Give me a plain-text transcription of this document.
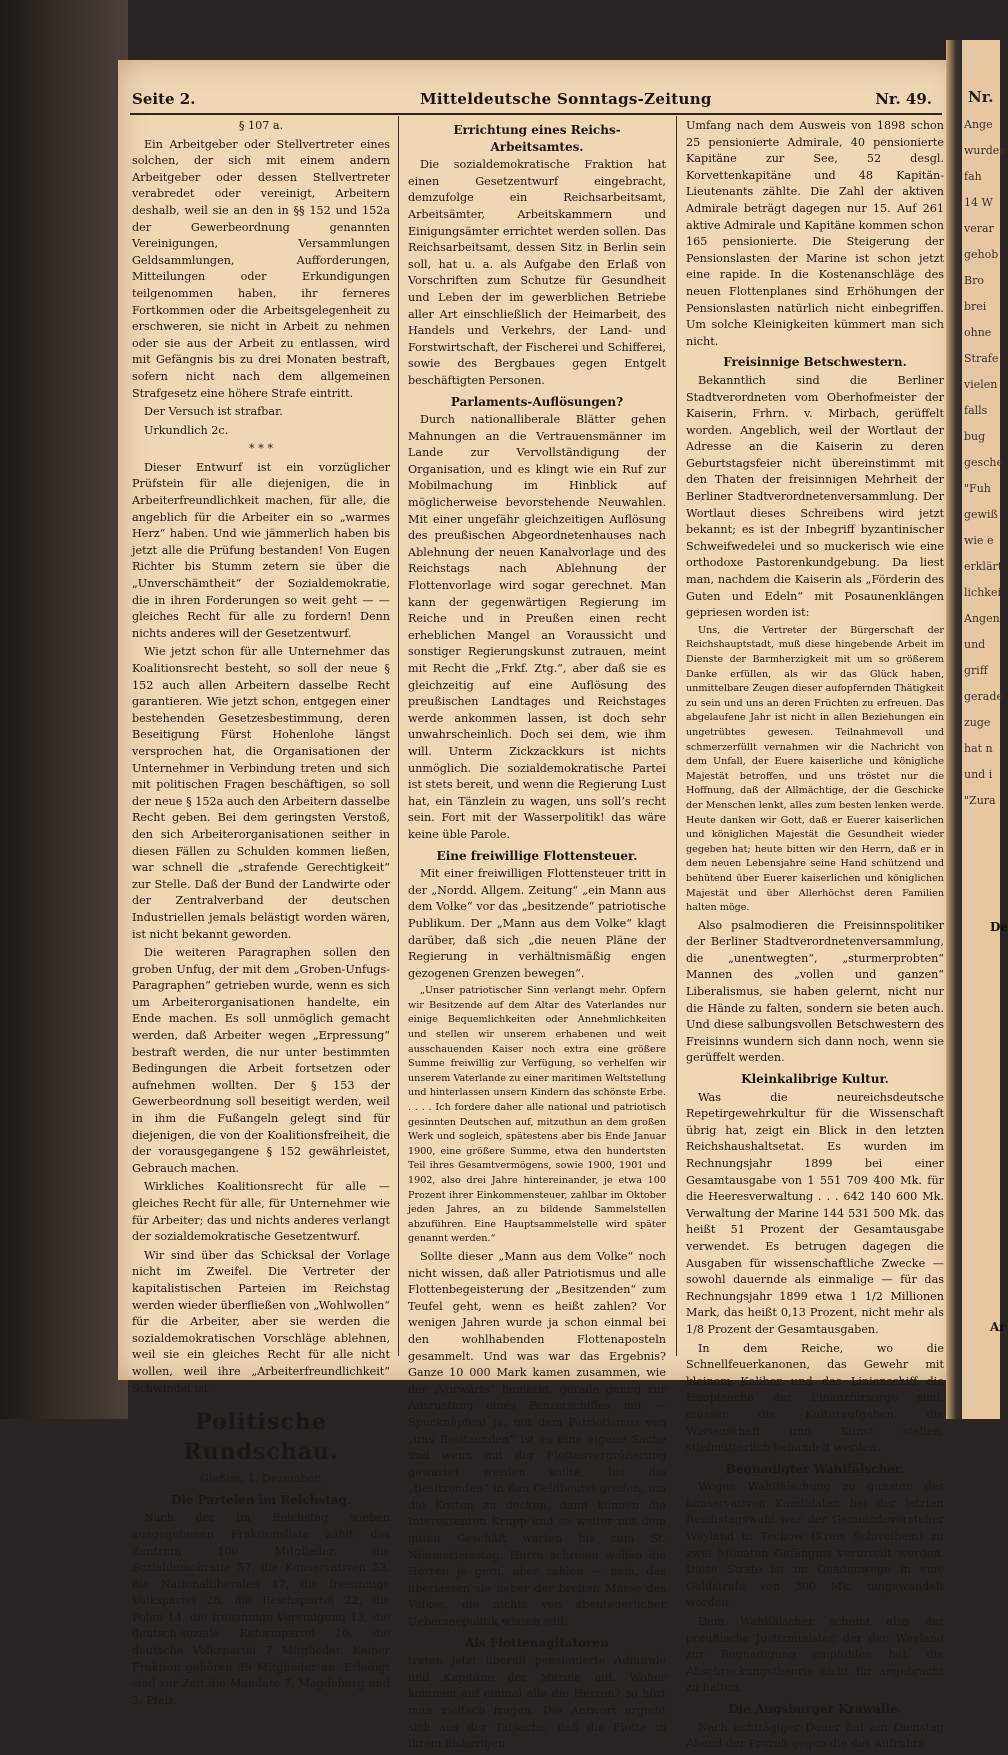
Seite 2.	Mitteldeutsche Sonntags-Zeitung	Nr. 49.

§ 107 a.

Ein Arbeitgeber oder Stellvertreter eines solchen, der sich mit einem andern Arbeitgeber oder dessen Stellvertreter verabredet oder vereinigt, Arbeitern deshalb, weil sie an den in §§ 152 und 152a der Gewerbeordnung genannten Vereinigungen, Versammlungen Geldsammlungen, Aufforderungen, Mitteilungen oder Erkundigungen teilgenommen haben, ihr ferneres Fortkommen oder die Arbeitsgelegenheit zu erschweren, sie nicht in Arbeit zu nehmen oder sie aus der Arbeit zu entlassen, wird mit Gefängnis bis zu drei Monaten bestraft, sofern nicht nach dem allgemeinen Strafgesetz eine höhere Strafe eintritt.

Der Versuch ist strafbar.

Urkundlich 2c.

* * *

Dieser Entwurf ist ein vorzüglicher Prüfstein für alle diejenigen, die in Arbeiterfreundlichkeit machen, für alle, die angeblich für die Arbeiter ein so „warmes Herz“ haben. Und wie jämmerlich haben bis jetzt alle die Prüfung bestanden! Von Eugen Richter bis Stumm zetern sie über die „Unverschämtheit“ der Sozialdemokratie, die in ihren Forderungen so weit geht — — gleiches Recht für alle zu fordern! Denn nichts anderes will der Gesetzentwurf.

Wie jetzt schon für alle Unternehmer das Koalitionsrecht besteht, so soll der neue § 152 auch allen Arbeitern dasselbe Recht garantieren. Wie jetzt schon, entgegen einer bestehenden Gesetzesbestimmung, deren Beseitigung Fürst Hohenlohe längst versprochen hat, die Organisationen der Unternehmer in Verbindung treten und sich mit politischen Fragen beschäftigen, so soll der neue § 152a auch den Arbeitern dasselbe Recht geben. Bei dem geringsten Verstoß, den sich Arbeiterorganisationen seither in diesen Fällen zu Schulden kommen ließen, war schnell die „strafende Gerechtigkeit“ zur Stelle. Daß der Bund der Landwirte oder der Zentralverband der deutschen Industriellen jemals belästigt worden wären, ist nicht bekannt geworden.

Die weiteren Paragraphen sollen den groben Unfug, der mit dem „Groben-Unfugs-Paragraphen“ getrieben wurde, wenn es sich um Arbeiterorganisationen handelte, ein Ende machen. Es soll unmöglich gemacht werden, daß Arbeiter wegen „Erpressung“ bestraft werden, die nur unter bestimmten Bedingungen die Arbeit fortsetzen oder aufnehmen wollten. Der § 153 der Gewerbeordnung soll beseitigt werden, weil in ihm die Fußangeln gelegt sind für diejenigen, die von der Koalitionsfreiheit, die der vorausgegangene § 152 gewährleistet, Gebrauch machen.

Wirkliches Koalitionsrecht für alle — gleiches Recht für alle, für Unternehmer wie für Arbeiter; das und nichts anderes verlangt der sozialdemokratische Gesetzentwurf.

Wir sind über das Schicksal der Vorlage nicht im Zweifel. Die Vertreter der kapitalistischen Parteien im Reichstag werden wieder überfließen von „Wohlwollen“ für die Arbeiter, aber sie werden die sozialdemokratischen Vorschläge ablehnen, weil sie ein gleiches Recht für alle nicht wollen, weil ihre „Arbeiterfreundlichkeit“ Schwindel ist.

Politische Rundschau.

Gießen, 1. Dezember.

Die Parteien im Reichstag.

Nach der im Reichstag soeben ausgegebenen Fraktionsliste zählt das Zentrum 106 Mitglieder, die Sozialdemokratie 57, die Konservativen 52, die Nationalliberalen 47, die freisinnige Volkspartei 28, die Reichspartei 22, die Polen 14, die freisinnige Vereinigung 13, die deutsch-soziale Reformpartei 10, die deutsche Volkspartei 7 Mitglieder. Keiner Fraktion gehören 39 Mitglieder an. Erledigt sind zur Zeit die Mandate 7. Magdeburg und 3. Pfalz.

Errichtung eines Reichs-Arbeitsamtes.

Die sozialdemokratische Fraktion hat einen Gesetzentwurf eingebracht, demzufolge ein Reichsarbeitsamt, Arbeitsämter, Arbeitskammern und Einigungsämter errichtet werden sollen. Das Reichsarbeitsamt, dessen Sitz in Berlin sein soll, hat u. a. als Aufgabe den Erlaß von Vorschriften zum Schutze für Gesundheit und Leben der im gewerblichen Betriebe aller Art einschließlich der Heimarbeit, des Handels und Verkehrs, der Land- und Forstwirtschaft, der Fischerei und Schifferei, sowie des Bergbaues gegen Entgelt beschäftigten Personen.

Parlaments-Auflösungen?

Durch nationalliberale Blätter gehen Mahnungen an die Vertrauensmänner im Lande zur Vervollständigung der Organisation, und es klingt wie ein Ruf zur Mobilmachung im Hinblick auf möglicherweise bevorstehende Neuwahlen. Mit einer ungefähr gleichzeitigen Auflösung des preußischen Abgeordnetenhauses nach Ablehnung der neuen Kanalvorlage und des Reichstags nach Ablehnung der Flottenvorlage wird sogar gerechnet. Man kann der gegenwärtigen Regierung im Reiche und in Preußen einen recht erheblichen Mangel an Voraussicht und sonstiger Regierungskunst zutrauen, meint mit Recht die „Frkf. Ztg.“, aber daß sie es gleichzeitig auf eine Auflösung des preußischen Landtages und Reichstages werde ankommen lassen, ist doch sehr unwahrscheinlich. Doch sei dem, wie ihm will. Unterm Zickzackkurs ist nichts unmöglich. Die sozialdemokratische Partei ist stets bereit, und wenn die Regierung Lust hat, ein Tänzlein zu wagen, uns soll’s recht sein. Fort mit der Wasserpolitik! das wäre keine üble Parole.

Eine freiwillige Flottensteuer.

Mit einer freiwilligen Flottensteuer tritt in der „Nordd. Allgem. Zeitung“ „ein Mann aus dem Volke“ vor das „besitzende“ patriotische Publikum. Der „Mann aus dem Volke“ klagt darüber, daß sich „die neuen Pläne der Regierung in verhältnismäßig engen gezogenen Grenzen bewegen“.

„Unser patriotischer Sinn verlangt mehr. Opfern wir Besitzende auf dem Altar des Vaterlandes nur einige Bequemlichkeiten oder Annehmlichkeiten und stellen wir unserem erhabenen und weit ausschauenden Kaiser noch extra eine größere Summe freiwillig zur Verfügung, so verhelfen wir unserem Vaterlande zu einer maritimen Weltstellung und hinterlassen unsern Kindern das schönste Erbe. . . . . Ich fordere daher alle national und patriotisch gesinnten Deutschen auf, mitzuthun an dem großen Werk und sogleich, spätestens aber bis Ende Januar 1900, eine größere Summe, etwa den hundertsten Teil ihres Gesamtvermögens, sowie 1900, 1901 und 1902, also drei Jahre hintereinander, je etwa 100 Prozent ihrer Einkommensteuer, zahlbar im Oktober jeden Jahres, an zu bildende Sammelstellen abzuführen. Eine Hauptsammelstelle wird später genannt werden.“

Sollte dieser „Mann aus dem Volke“ noch nicht wissen, daß aller Patriotismus und alle Flottenbegeisterung der „Besitzenden“ zum Teufel geht, wenn es heißt zahlen? Vor wenigen Jahren wurde ja schon einmal bei den wohlhabenden Flottenaposteln gesammelt. Und was war das Ergebnis? Ganze 10 000 Mark kamen zusammen, wie der „Vorwärts“ bemerkt, gerade genug zur Ausrüstung eines Panzerschiffes mit — Spucknäpfen! Ja, mit dem Patriotismus von „uns Besitzenden“ ist es eine eigene Sache und wenn mit der Flottenvergrößerung gewartet werden sollte, bis die „Besitzenden“ in den Geldbeutel greifen, um die Kosten zu decken, dann können die Interessenten Krupp und so weiter mit dem guten Geschäft warten bis zum St. Nimmerleinstag. Hurra schreien wollen die Herren ja gern, aber zahlen — nein, das überlassen sie lieber der breiten Masse des Volkes, die nichts von abenteuerlicher Ueberseepolitik wissen will.

Als Flottenagitatoren

treten jetzt überall pensionierte Admirale und Kapitäne der Marine auf. Woher kommen auf einmal alle die Herren? so hört man vielfach fragen. Die Antwort ergiebt sich aus der Tatsache, daß die Flotte in ihrem bisherigen

Umfang nach dem Ausweis von 1898 schon 25 pensionierte Admirale, 40 pensionierte Kapitäne zur See, 52 desgl. Korvettenkapitäne und 48 Kapitän-Lieutenants zählte. Die Zahl der aktiven Admirale beträgt dagegen nur 15. Auf 261 aktive Admirale und Kapitäne kommen schon 165 pensionierte. Die Steigerung der Pensionslasten der Marine ist schon jetzt eine rapide. In die Kostenanschläge des neuen Flottenplanes sind Erhöhungen der Pensionslasten natürlich nicht einbegriffen. Um solche Kleinigkeiten kümmert man sich nicht.

Freisinnige Betschwestern.

Bekanntlich sind die Berliner Stadtverordneten vom Oberhofmeister der Kaiserin, Frhrn. v. Mirbach, gerüffelt worden. Angeblich, weil der Wortlaut der Adresse an die Kaiserin zu deren Geburtstagsfeier nicht übereinstimmt mit den Thaten der freisinnigen Mehrheit der Berliner Stadtverordnetenversammlung. Der Wortlaut dieses Schreibens wird jetzt bekannt; es ist der Inbegriff byzantinischer Schweifwedelei und so muckerisch wie eine orthodoxe Pastorenkundgebung. Da liest man, nachdem die Kaiserin als „Förderin des Guten und Edeln“ mit Posaunenklängen gepriesen worden ist:

Uns, die Vertreter der Bürgerschaft der Reichshauptstadt, muß diese hingebende Arbeit im Dienste der Barmherzigkeit mit um so größerem Danke erfüllen, als wir das Glück haben, unmittelbare Zeugen dieser aufopfernden Thätigkeit zu sein und uns an deren Früchten zu erfreuen. Das abgelaufene Jahr ist nicht in allen Beziehungen ein ungetrübtes gewesen. Teilnahmevoll und schmerzerfüllt vernahmen wir die Nachricht von dem Unfall, der Euere kaiserliche und königliche Majestät betroffen, und uns tröstet nur die Hoffnung, daß der Allmächtige, der die Geschicke der Menschen lenkt, alles zum besten lenken werde. Heute danken wir Gott, daß er Euerer kaiserlichen und königlichen Majestät die Gesundheit wieder gegeben hat; heute bitten wir den Herrn, daß er in dem neuen Lebensjahre seine Hand schützend und behütend über Euerer kaiserlichen und königlichen Majestät und über Allerhöchst deren Familien halten möge.

Also psalmodieren die Freisinnspolitiker der Berliner Stadtverordnetenversammlung, die „unentwegten“, „sturmerprobten“ Mannen des „vollen und ganzen“ Liberalismus, sie haben gelernt, nicht nur die Hände zu falten, sondern sie beten auch. Und diese salbungsvollen Betschwestern des Freisinns wundern sich dann noch, wenn sie gerüffelt werden.

Kleinkalibrige Kultur.

Was die neureichsdeutsche Repetirgewehrkultur für die Wissenschaft übrig hat, zeigt ein Blick in den letzten Reichshaushaltsetat. Es wurden im Rechnungsjahr 1899 bei einer Gesamtausgabe von 1 551 709 400 Mk. für die Heeresverwaltung . . . 642 140 600 Mk. Verwaltung der Marine 144 531 500 Mk. das heißt 51 Prozent der Gesamtausgabe verwendet. Es betrugen dagegen die Ausgaben für wissenschaftliche Zwecke — sowohl dauernde als einmalige — für das Rechnungsjahr 1899 etwa 1 1/2 Millionen Mark, das heißt 0,13 Prozent, nicht mehr als 1/8 Prozent der Gesamtausgaben.

In dem Reiche, wo die Schnellfeuerkanonen, das Gewehr mit kleinem Kaliber und das Linienschiff die Hauptsache der Finanzfürsorge sind, müssen die Kulturaufgaben, die Wissenschaft und Kunst stellen, stiefmütterlich behandelt werden.

Begnadigter Wahlfälscher.

Wegen Wahlfälschung zu gunsten des konservativen Kandidaten bei der letzten Reichstagswahl war der Gemeindevorsteher Weyland in Techow (Kreis Schivelbein) zu zwei Monaten Gefängnis verurteilt worden. Diese Strafe ist im Gnadenwege in eine Geldstrafe von 300 Mk. umgewandelt worden.

Dem Wahlfälscher scheint also der preußische Justizminister, der den Weyland zur Begnadigung empfohlen hat, die Abschreckungstheorie nicht für angebracht zu halten.

Die Augsburger Krawalle.

Nach achttägiger Dauer hat am Dienstag Abend der Prozeß gegen die des Aufruhrs

Nr.
Ange
wurden
fah
14 W
verar
gehob
Bro
brei
ohne
Strafe
vielen
falls
bug
gesche
"Fuh
gewiß
wie e
erklärt
lichkei
Angen
und
griff
gerade
zuge
hat n
und i
"Zura
De
Ar
